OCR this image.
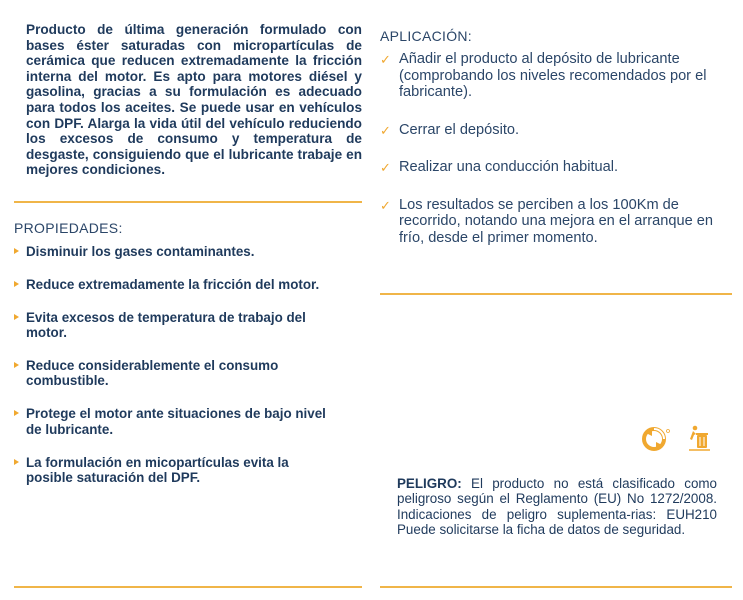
Producto de última generación formulado con bases éster saturadas con micropartículas de cerámica que reducen extremadamente la fricción interna del motor. Es apto para motores diésel y gasolina, gracias a su formulación es adecuado para todos los aceites. Se puede usar en vehículos con DPF. Alarga la vida útil del vehículo reduciendo los excesos de consumo y temperatura de desgaste, consiguiendo que el lubricante trabaje en mejores condiciones.

PROPIEDADES:

Disminuir los gases contaminantes.
Reduce extremadamente la fricción del motor.
Evita excesos de temperatura de trabajo del motor.
Reduce considerablemente el consumo combustible.
Protege el motor ante situaciones de bajo nivel de lubricante.
La formulación en micopartículas evita la posible saturación del DPF.

APLICACIÓN:

✓ Añadir el producto al depósito de lubricante (comprobando los niveles recomendados por el fabricante).
✓ Cerrar el depósito.
✓ Realizar una conducción habitual.
✓ Los resultados se perciben a los 100Km de recorrido, notando una mejora en el arranque en frío, desde el primer momento.
PELIGRO: El producto no está clasificado como peligroso según el Reglamento (EU) No 1272/2008. Indicaciones de peligro suplementa-rias: EUH210 Puede solicitarse la ficha de datos de seguridad.
